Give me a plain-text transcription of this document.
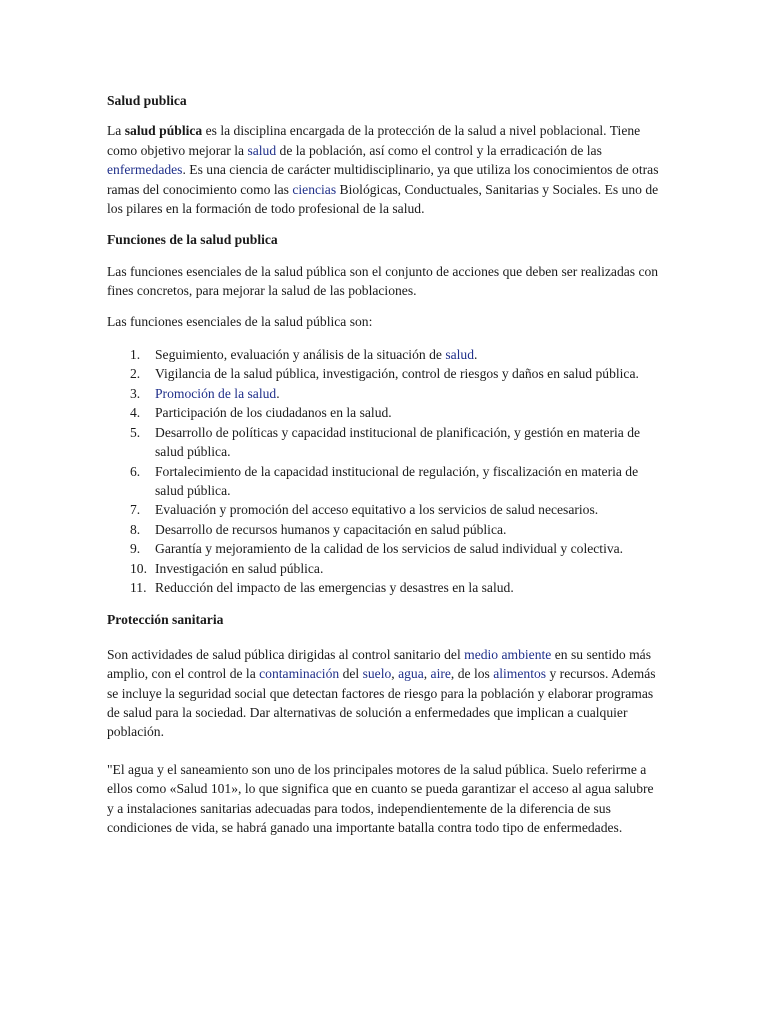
Salud publica

La salud pública es la disciplina encargada de la protección de la salud a nivel poblacional. Tiene como objetivo mejorar la salud de la población, así como el control y la erradicación de las enfermedades. Es una ciencia de carácter multidisciplinario, ya que utiliza los conocimientos de otras ramas del conocimiento como las ciencias Biológicas, Conductuales, Sanitarias y Sociales. Es uno de los pilares en la formación de todo profesional de la salud.

Funciones de la salud publica

Las funciones esenciales de la salud pública son el conjunto de acciones que deben ser realizadas con fines concretos, para mejorar la salud de las poblaciones.

Las funciones esenciales de la salud pública son:

1. Seguimiento, evaluación y análisis de la situación de salud.
2. Vigilancia de la salud pública, investigación, control de riesgos y daños en salud pública.
3. Promoción de la salud.
4. Participación de los ciudadanos en la salud.
5. Desarrollo de políticas y capacidad institucional de planificación, y gestión en materia de
salud pública.
6. Fortalecimiento de la capacidad institucional de regulación, y fiscalización en materia de
salud pública.
7. Evaluación y promoción del acceso equitativo a los servicios de salud necesarios.
8. Desarrollo de recursos humanos y capacitación en salud pública.
9. Garantía y mejoramiento de la calidad de los servicios de salud individual y colectiva.
10. Investigación en salud pública.
11. Reducción del impacto de las emergencias y desastres en la salud.
Protección sanitaria

Son actividades de salud pública dirigidas al control sanitario del medio ambiente en su sentido más amplio, con el control de la contaminación del suelo, agua, aire, de los alimentos y recursos. Además se incluye la seguridad social que detectan factores de riesgo para la población y elaborar programas de salud para la sociedad. Dar alternativas de solución a enfermedades que implican a cualquier población.

"El agua y el saneamiento son uno de los principales motores de la salud pública. Suelo referirme a ellos como «Salud 101», lo que significa que en cuanto se pueda garantizar el acceso al agua salubre y a instalaciones sanitarias adecuadas para todos, independientemente de la diferencia de sus condiciones de vida, se habrá ganado una importante batalla contra todo tipo de enfermedades.
